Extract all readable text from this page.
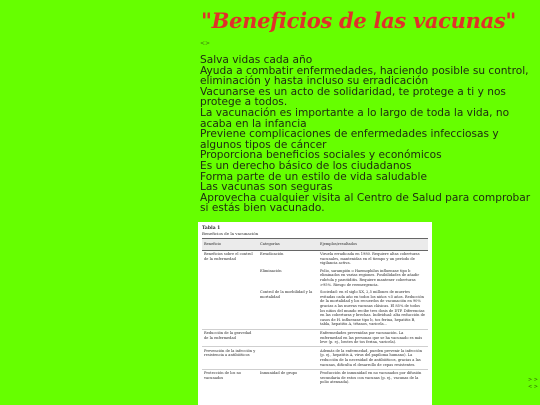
"Beneficios de las vacunas"
<>
Salva vidas cada año
Ayuda a combatir enfermedades, haciendo posible su control, eliminación y hasta incluso su erradicación
Vacunarse es un acto de solidaridad, te protege a ti y nos protege a todos.
La vacunación es importante a lo largo de toda la vida, no acaba en la infancia
Previene complicaciones de enfermedades infecciosas y algunos tipos de cáncer
Proporciona beneficios sociales y económicos
Es un derecho básico de los ciudadanos
Forma parte de un estilo de vida saludable
Las vacunas son seguras
Aprovecha cualquier visita al Centro de Salud para comprobar si estás bien vacunado.
Tabla 1
Beneficios de la vacunación
Beneficio	Categorías	Ejemplos/resultados
Beneficios sobre el control de la enfermedad	Erradicación	Viruela erradicada en 1980. Requiere altas coberturas vacunales, mantenidas en el tiempo y un período de vigilancia activa.
	Eliminación	Polio, sarampión o Haemophilus influenzae tipo b eliminados en varias regiones. Posibilidades de añadir rubéola y parotiditis. Requiere mantener coberturas >95%. Riesgo de reemergencia.
	Control de la morbilidad y la mortalidad	Sociedad: en el siglo XX, 2,5 millones de muertes evitadas cada año en todos los niños <5 años. Reducción de la mortalidad y los recuerdos de vacunación en 90% gracias a las nuevas vacunas clásicas. El 85% de todos los niños del mundo recibe tres dosis de DTP. Diferencias en las coberturas y brechas. Individual: alta reducción de casos de H. influenzae tipo b, tos ferina, hepatitis B, tabla, hepatitis A, tétanos, varicela...
Reducción de la gravedad de la enfermedad		Enfermedades prevenidas por vacunación. La enfermedad en las personas que se ha vacunado es más leve (p. ej., brotes de tos ferina, varicela).
Prevención de la infección y resistencia a antibióticos		Además de la enfermedad, pueden prevenir la infección (p. ej., hepatitis A, virus del papiloma humano). La reducción de la necesidad de antibióticos, gracias a las vacunas, dificulta el desarrollo de cepas resistentes.
Protección de los no vacunados	Inmunidad de grupo	Producción de inmunidad en no vacunados por difusión secundaria de estos con vacunas (p. ej., vacunas de la polio atenuada).	> >
< >
